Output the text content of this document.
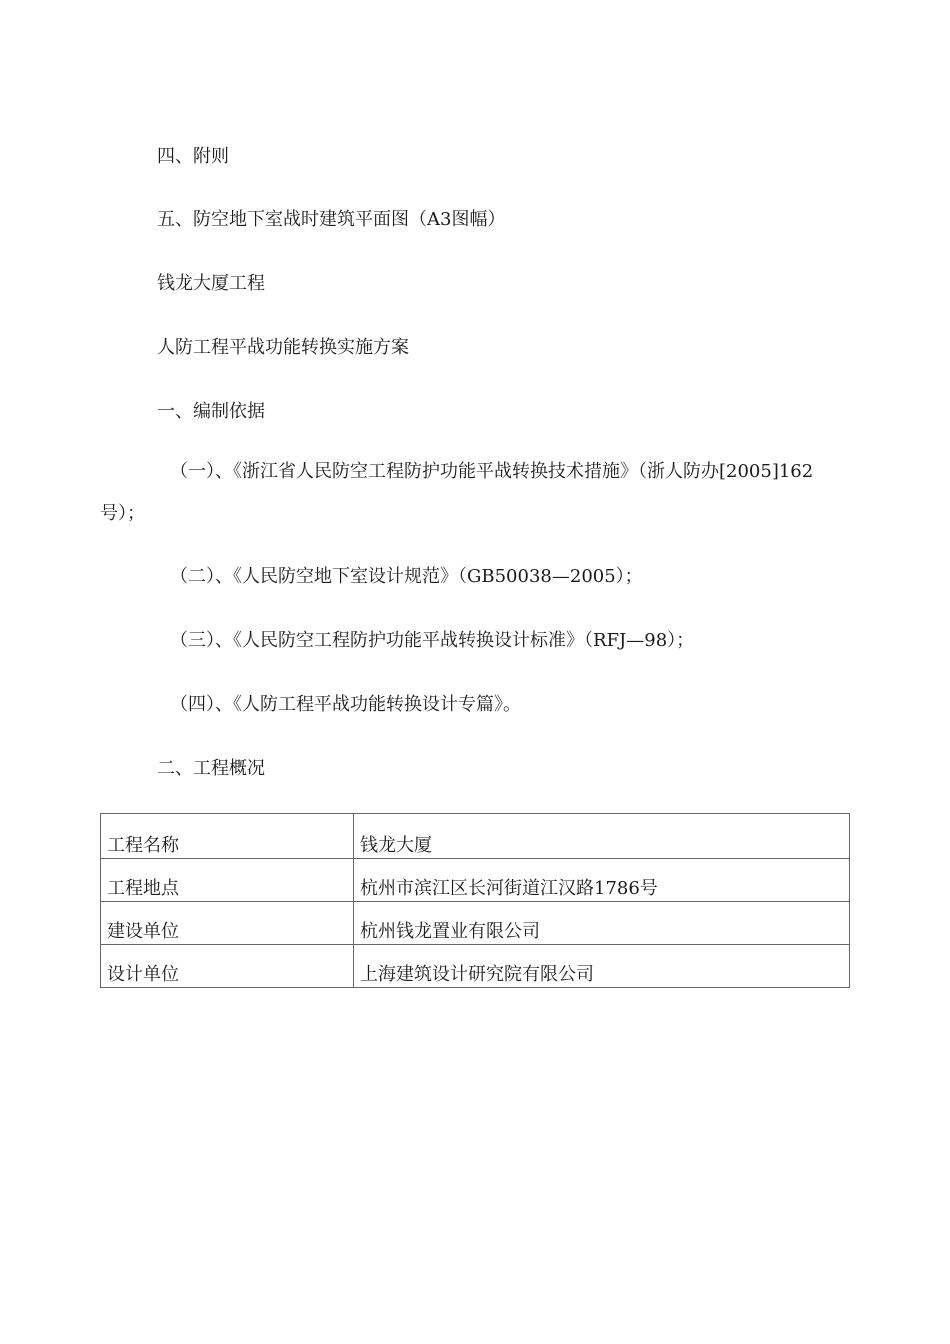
四、附则
五、防空地下室战时建筑平面图（A3图幅）
钱龙大厦工程
人防工程平战功能转换实施方案
一、编制依据
（一）、《浙江省人民防空工程防护功能平战转换技术措施》（浙人防办[2005]162号）；
（二）、《人民防空地下室设计规范》（GB50038—2005）；
（三）、《人民防空工程防护功能平战转换设计标准》（RFJ—98）；
（四）、《人防工程平战功能转换设计专篇》。
二、工程概况
工程名称	钱龙大厦
工程地点	杭州市滨江区长河街道江汉路1786号
建设单位	杭州钱龙置业有限公司
设计单位	上海建筑设计研究院有限公司
